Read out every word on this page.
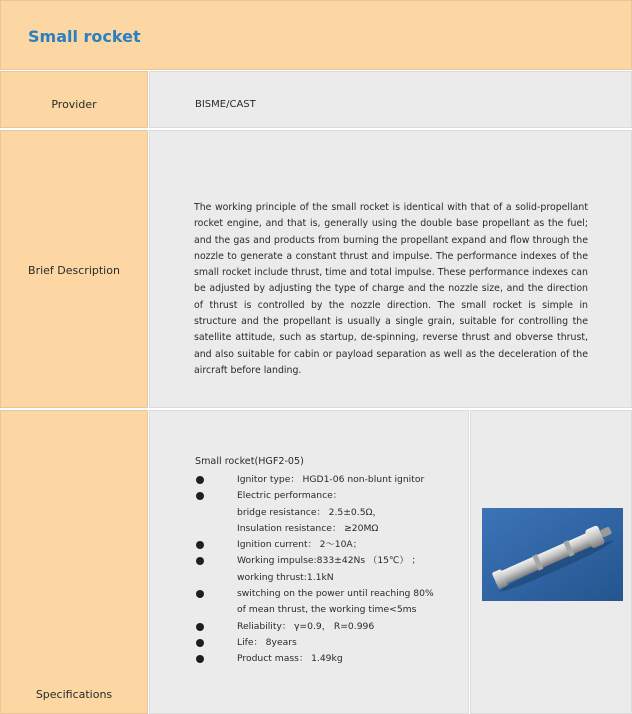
Small rocket
Provider	BISME/CAST
Brief Description
The working principle of the small rocket is identical with that of a solid-propellant rocket engine, and that is, generally using the double base propellant as the fuel; and the gas and products from burning the propellant expand and flow through the nozzle to generate a constant thrust and impulse. The performance indexes of the small rocket include thrust, time and total impulse. These performance indexes can be adjusted by adjusting the type of charge and the nozzle size, and the direction of thrust is controlled by the nozzle direction. The small rocket is simple in structure and the propellant is usually a single grain, suitable for controlling the satellite attitude, such as startup, de-spinning, reverse thrust and obverse thrust, and also suitable for cabin or payload separation as well as the deceleration of the aircraft before landing.
Specifications
Small rocket(HGF2-05)
Ignitor type： HGD1-06 non-blunt ignitor
Electric performance：
bridge resistance： 2.5±0.5Ω，
Insulation resistance： ≥20MΩ
Ignition current： 2～10A；
Working impulse:833±42Ns （15℃） ；
working thrust:1.1kN
switching on the power until reaching 80%
of mean thrust, the working time<5ms
Reliability： γ=0.9， R=0.996
Life： 8years
Product mass： 1.49kg
